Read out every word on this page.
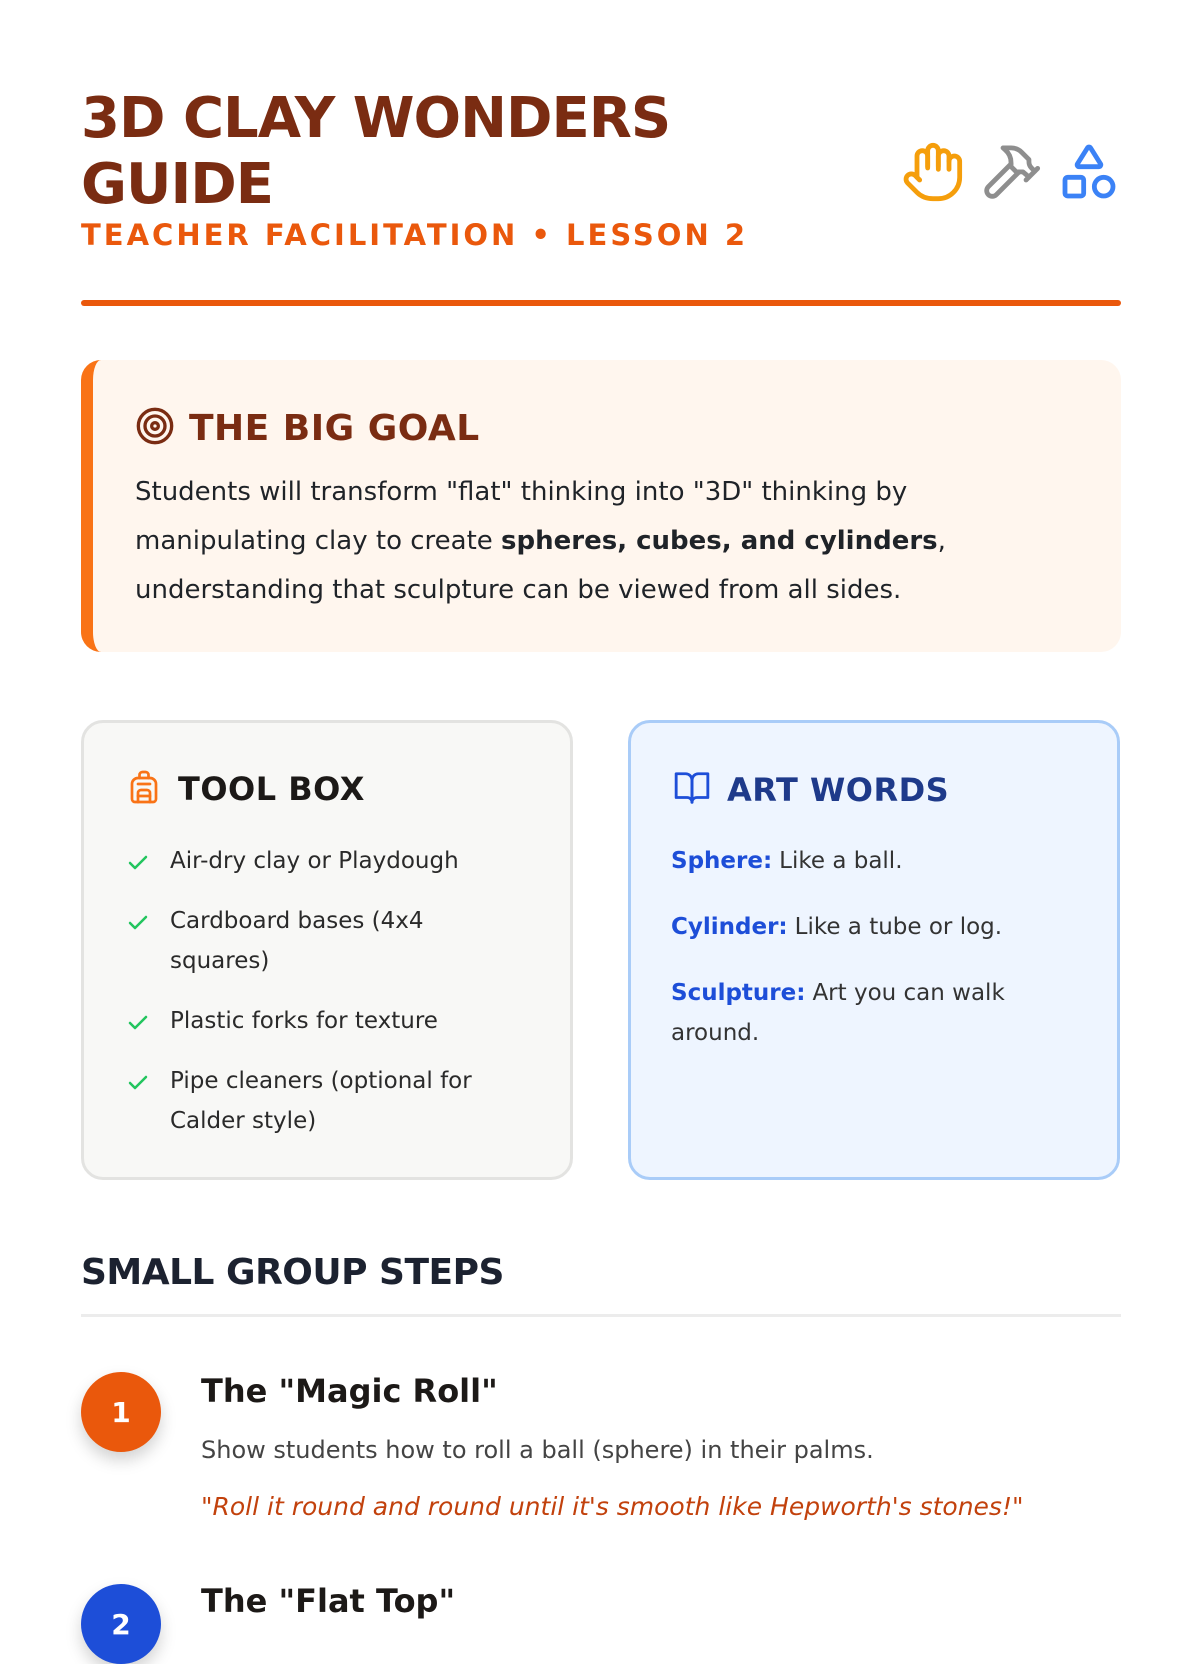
3D CLAY WONDERS GUIDE
TEACHER FACILITATION • LESSON 2
THE BIG GOAL

Students will transform "flat" thinking into "3D" thinking by manipulating clay to create spheres, cubes, and cylinders, understanding that sculpture can be viewed from all sides.

TOOL BOX
Air-dry clay or Playdough
Cardboard bases (4x4 squares)
Plastic forks for texture
Pipe cleaners (optional for Calder style)
ART WORDS
Sphere: Like a ball.
Cylinder: Like a tube or log.
Sculpture: Art you can walk around.
SMALL GROUP STEPS
1
The "Magic Roll"
Show students how to roll a ball (sphere) in their palms.
"Roll it round and round until it's smooth like Hepworth's stones!"
2
The "Flat Top"
